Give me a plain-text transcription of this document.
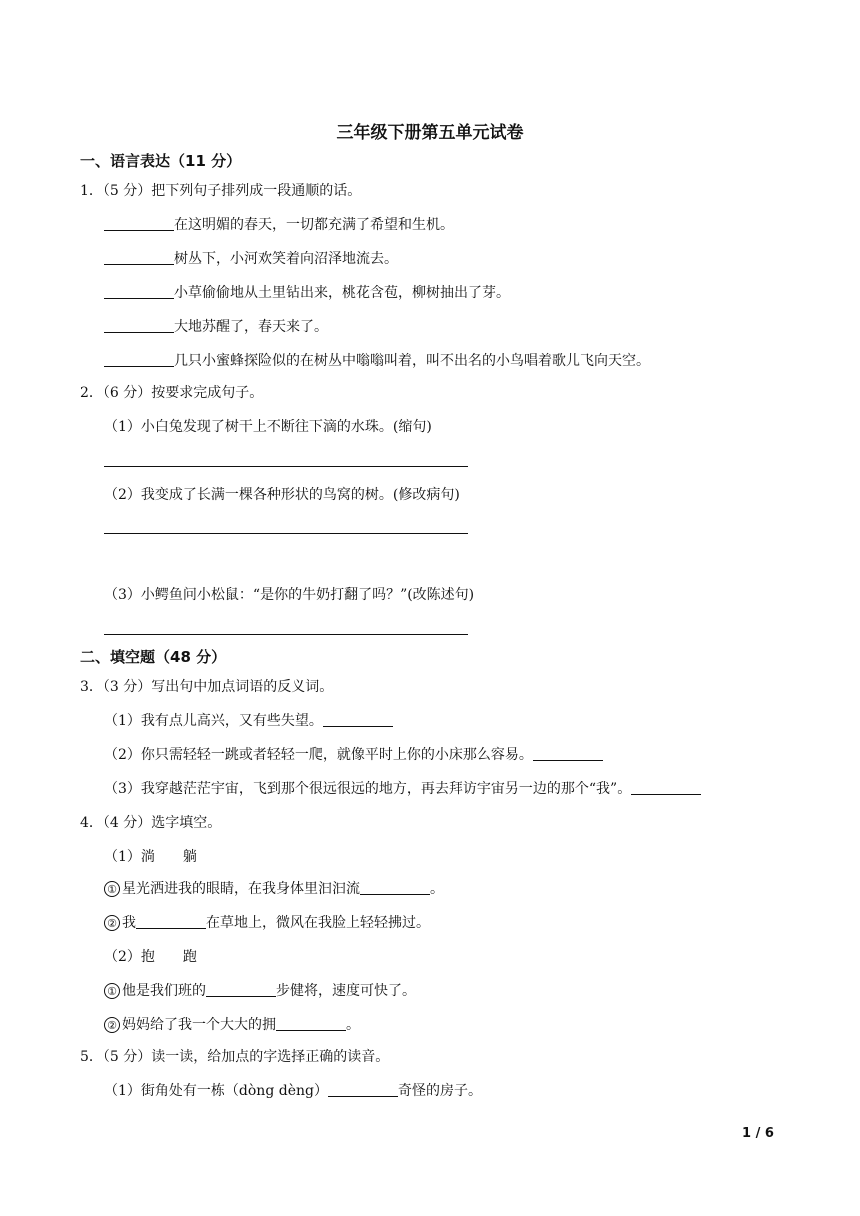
三年级下册第五单元试卷
一、语言表达（11 分）
1．（5 分）把下列句子排列成一段通顺的话。
在这明媚的春天，一切都充满了希望和生机。
树丛下，小河欢笑着向沼泽地流去。
小草偷偷地从土里钻出来，桃花含苞，柳树抽出了芽。
大地苏醒了，春天来了。
几只小蜜蜂探险似的在树丛中嗡嗡叫着，叫不出名的小鸟唱着歌儿飞向天空。
2．（6 分）按要求完成句子。
（1）小白兔发现了树干上不断往下滴的水珠。(缩句)
（2）我变成了长满一棵各种形状的鸟窝的树。(修改病句)
（3）小鳄鱼问小松鼠：“是你的牛奶打翻了吗？”(改陈述句)
二、填空题（48 分）
3．（3 分）写出句中加点词语的反义词。
（1）我有点儿高兴，又有些失望。
（2）你只需轻轻一跳或者轻轻一爬，就像平时上你的小床那么容易。
（3）我穿越茫茫宇宙，飞到那个很远很远的地方，再去拜访宇宙另一边的那个“我”。
4．（4 分）选字填空。
（1）淌　　躺
① 星光洒进我的眼睛，在我身体里汩汩流	。
② 我	在草地上，微风在我脸上轻轻拂过。
（2）抱　　跑
① 他是我们班的	步健将，速度可快了。
② 妈妈给了我一个大大的拥	。
5．（5 分）读一读，给加点的字选择正确的读音。
（1）街角处有一栋（dòng dèng）	奇怪的房子。
1 / 6
